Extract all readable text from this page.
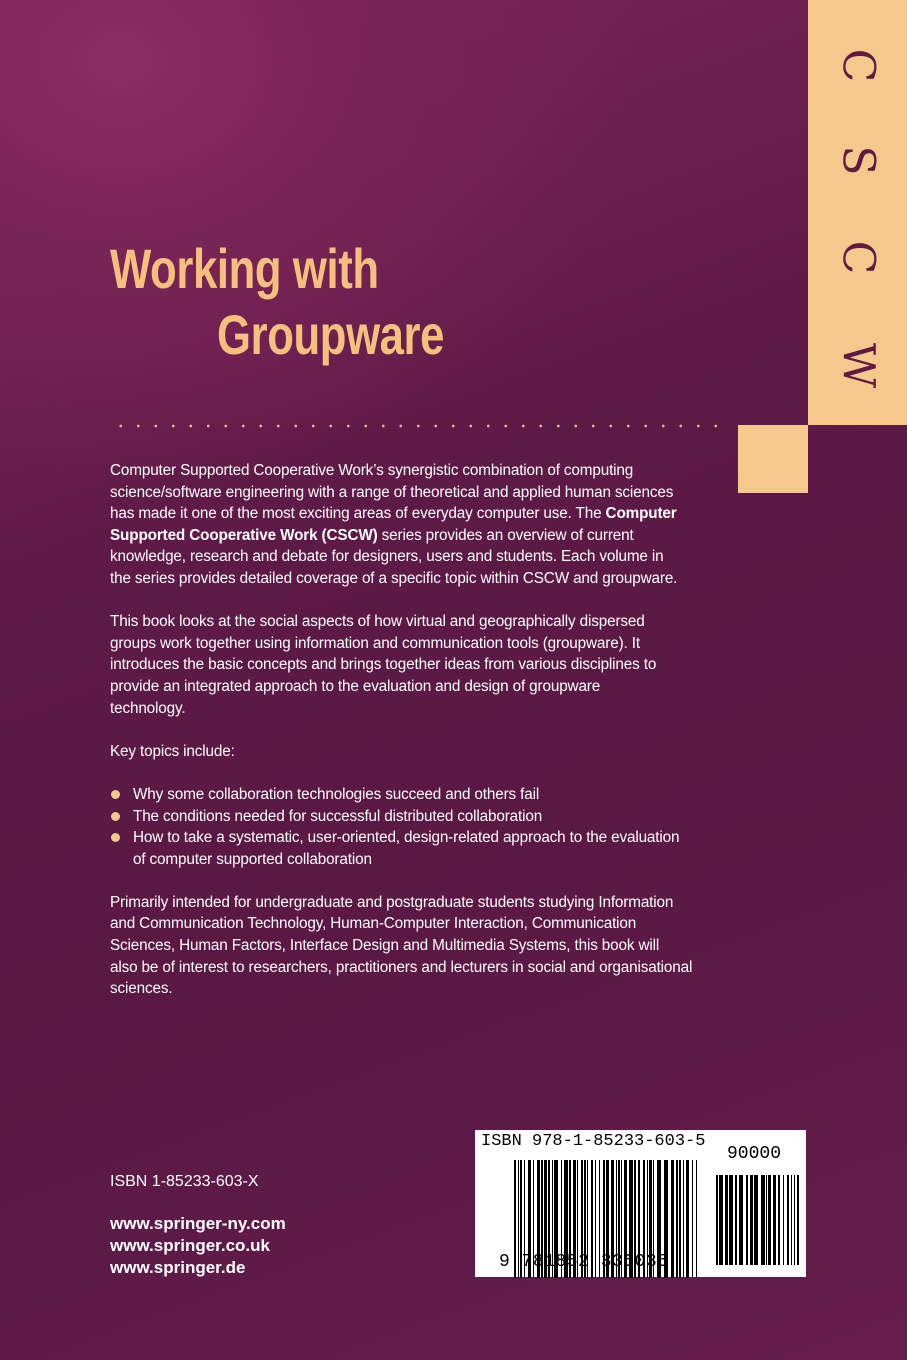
C
S
C
W
Working with
Groupware

Computer Supported Cooperative Work’s synergistic combination of computing
science/software engineering with a range of theoretical and applied human sciences
has made it one of the most exciting areas of everyday computer use. The Computer
Supported Cooperative Work (CSCW) series provides an overview of current
knowledge, research and debate for designers, users and students. Each volume in
the series provides detailed coverage of a specific topic within CSCW and groupware.

This book looks at the social aspects of how virtual and geographically dispersed
groups work together using information and communication tools (groupware). It
introduces the basic concepts and brings together ideas from various disciplines to
provide an integrated approach to the evaluation and design of groupware
technology.

Key topics include:

Why some collaboration technologies succeed and others fail
The conditions needed for successful distributed collaboration
How to take a systematic, user-oriented, design-related approach to the evaluation
of computer supported collaboration

Primarily intended for undergraduate and postgraduate students studying Information
and Communication Technology, Human-Computer Interaction, Communication
Sciences, Human Factors, Interface Design and Multimedia Systems, this book will
also be of interest to researchers, practitioners and lecturers in social and organisational
sciences.

ISBN 1-85233-603-X
www.springer-ny.com
www.springer.co.uk
www.springer.de
ISBN 978-1-85233-603-5
90000
9 781852 336035
